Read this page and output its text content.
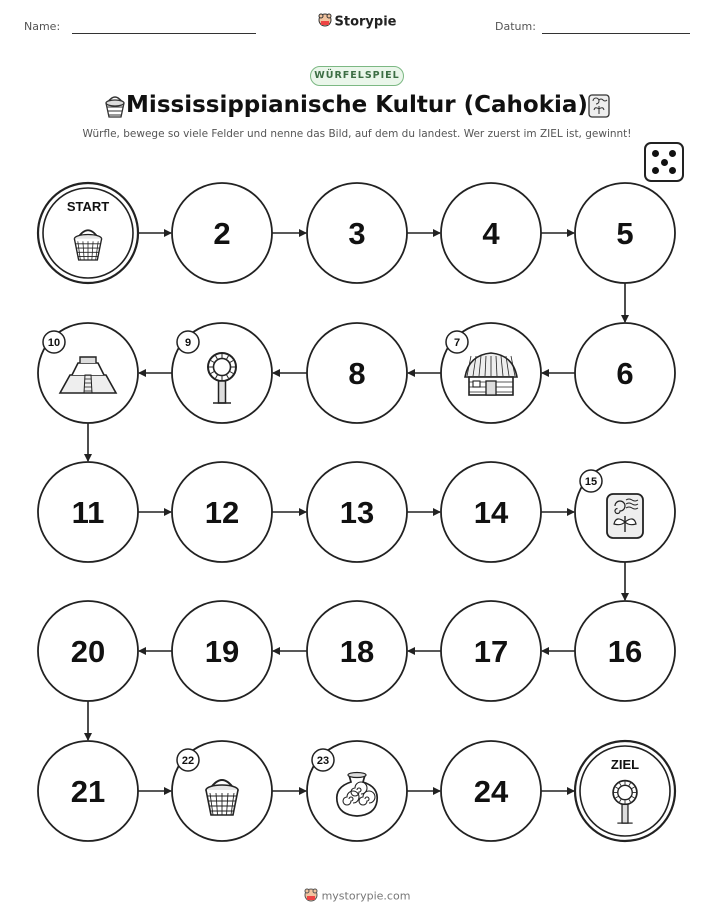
Name:	Storypie	Datum:
WÜRFELSPIEL
Mississippianische Kultur (Cahokia)
Würfle, bewege so viele Felder und nenne das Bild, auf dem du landest. Wer zuerst im ZIEL ist, gewinnt!
START
2	3	4	5
6
7
8
9
10
11	12	13	14
15
16
17
18
19
20
21
22	23
24
ZIEL
mystorypie.com
